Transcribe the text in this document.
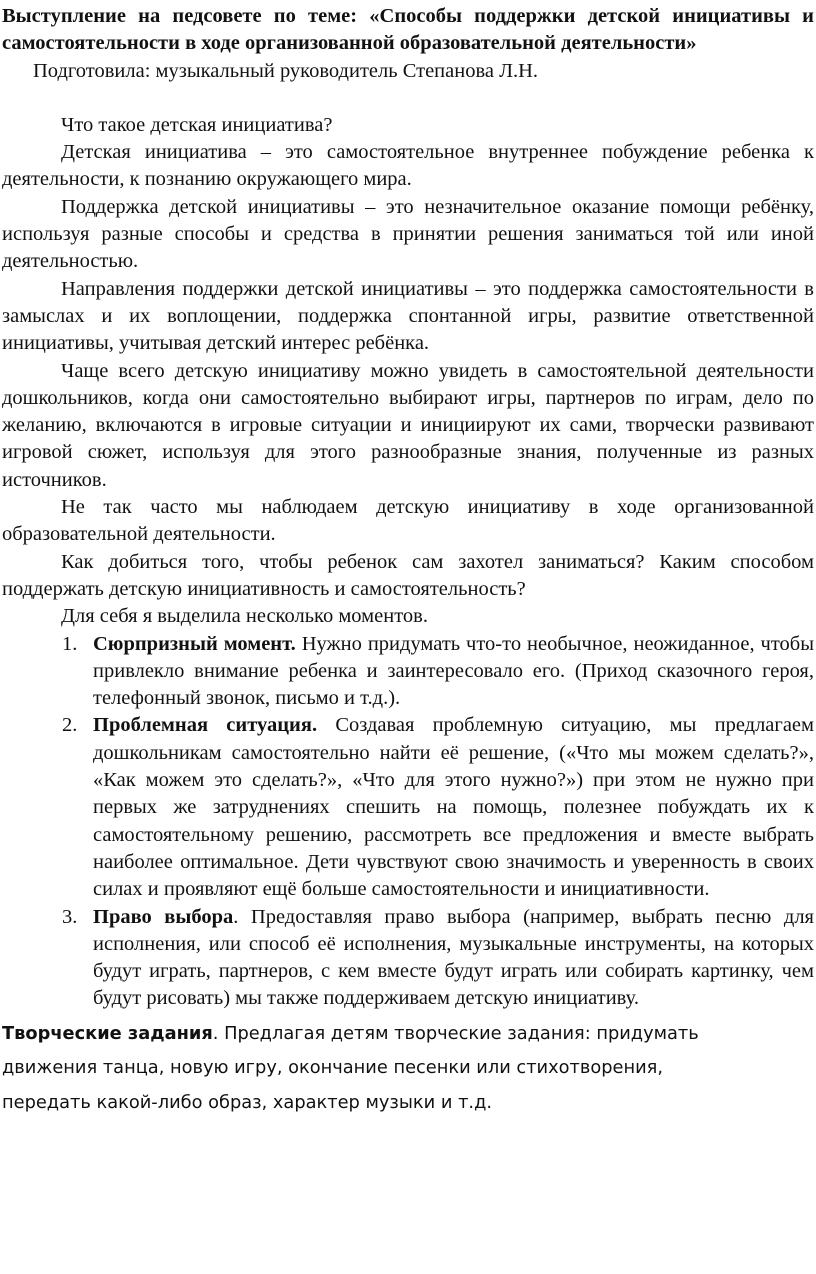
Выступление на педсовете по теме: «Способы поддержки детской инициативы и самостоятельности в ходе организованной образовательной деятельности»

Подготовила: музыкальный руководитель Степанова Л.Н.

Что такое детская инициатива?

Детская инициатива – это самостоятельное внутреннее побуждение ребенка к деятельности, к познанию окружающего мира.

Поддержка детской инициативы – это незначительное оказание помощи ребёнку, используя разные способы и средства в принятии решения заниматься той или иной деятельностью.

Направления поддержки детской инициативы – это поддержка самостоятельности в замыслах и их воплощении, поддержка спонтанной игры, развитие ответственной инициативы, учитывая детский интерес ребёнка.

Чаще всего детскую инициативу можно увидеть в самостоятельной деятельности дошкольников, когда они самостоятельно выбирают игры, партнеров по играм, дело по желанию, включаются в игровые ситуации и инициируют их сами, творчески развивают игровой сюжет, используя для этого разнообразные знания, полученные из разных источников.

Не так часто мы наблюдаем детскую инициативу в ходе организованной образовательной деятельности.

Как добиться того, чтобы ребенок сам захотел заниматься? Каким способом поддержать детскую инициативность и самостоятельность?

Для себя я выделила несколько моментов.

1. Сюрпризный момент. Нужно придумать что-то необычное, неожиданное, чтобы привлекло внимание ребенка и заинтересовало его. (Приход сказочного героя, телефонный звонок, письмо и т.д.).
2. Проблемная ситуация. Создавая проблемную ситуацию, мы предлагаем дошкольникам самостоятельно найти её решение, («Что мы можем сделать?», «Как можем это сделать?», «Что для этого нужно?») при этом не нужно при первых же затруднениях спешить на помощь, полезнее побуждать их к самостоятельному решению, рассмотреть все предложения и вместе выбрать наиболее оптимальное. Дети чувствуют свою значимость и уверенность в своих силах и проявляют ещё больше самостоятельности и инициативности.
3. Право выбора. Предоставляя право выбора (например, выбрать песню для исполнения, или способ её исполнения, музыкальные инструменты, на которых будут играть, партнеров, с кем вместе будут играть или собирать картинку, чем будут рисовать) мы также поддерживаем детскую инициативу.
Творческие задания. Предлагая детям творческие задания: придумать
движения танца, новую игру, окончание песенки или стихотворения,
передать какой-либо образ, характер музыки и т.д.
